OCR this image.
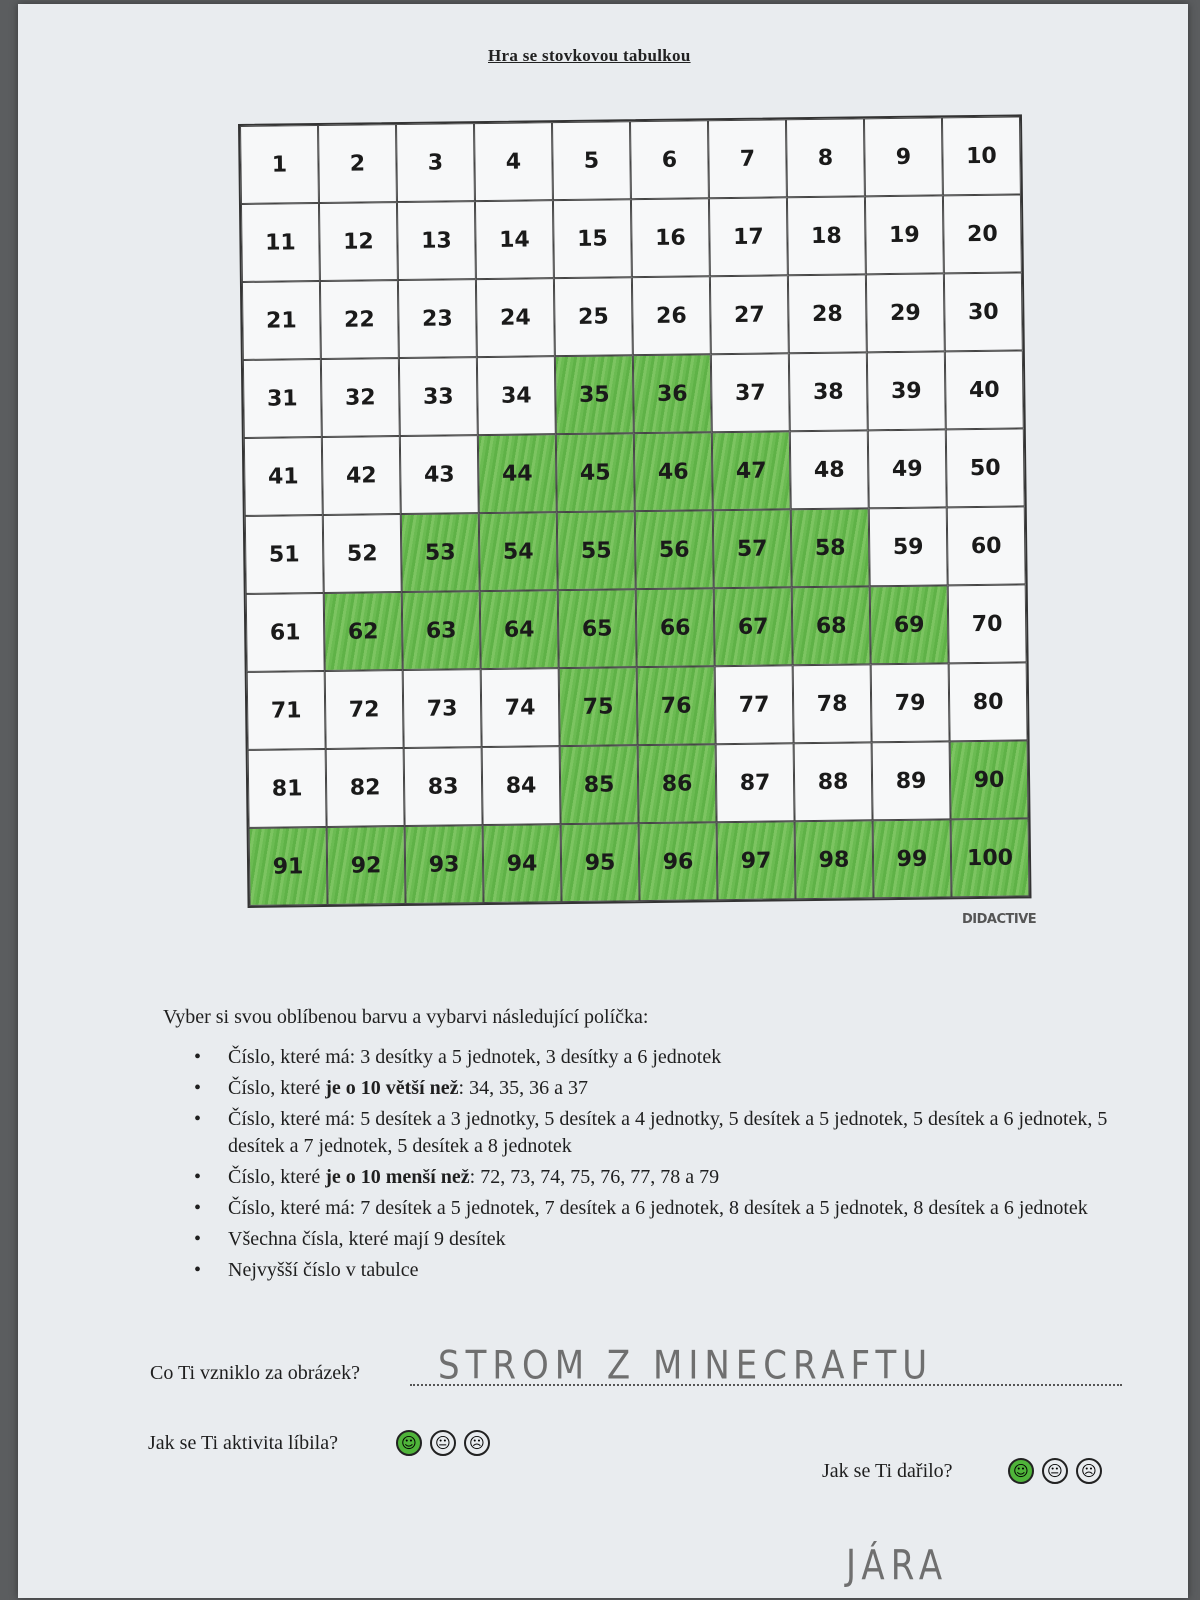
Hra se stovkovou tabulkou
1	2	3	4	5	6	7	8	9	10
11	12	13	14	15	16	17	18	19	20
21	22	23	24	25	26	27	28	29	30
31	32	33	34	35	36	37	38	39	40
41	42	43	44	45	46	47	48	49	50
51	52	53	54	55	56	57	58	59	60
61	62	63	64	65	66	67	68	69	70
71	72	73	74	75	76	77	78	79	80
81	82	83	84	85	86	87	88	89	90
91	92	93	94	95	96	97	98	99	100
DIDACTIVE
Vyber si svou oblíbenou barvu a vybarvi následující políčka:
• Číslo, které má: 3 desítky a 5 jednotek, 3 desítky a 6 jednotek
• Číslo, které je o 10 větší než: 34, 35, 36 a 37
• Číslo, které má: 5 desítek a 3 jednotky, 5 desítek a 4 jednotky, 5 desítek a 5 jednotek, 5 desítek a 6 jednotek, 5 desítek a 7 jednotek, 5 desítek a 8 jednotek
• Číslo, které je o 10 menší než: 72, 73, 74, 75, 76, 77, 78 a 79
• Číslo, které má: 7 desítek a 5 jednotek, 7 desítek a 6 jednotek, 8 desítek a 5 jednotek, 8 desítek a 6 jednotek
• Všechna čísla, které mají 9 desítek
• Nejvyšší číslo v tabulce
Co Ti vzniklo za obrázek? STROM Z MINECRAFTU
Jak se Ti aktivita líbila?	☺	😐	☹
Jak se Ti dařilo?	☺	😐	☹
JÁRA
